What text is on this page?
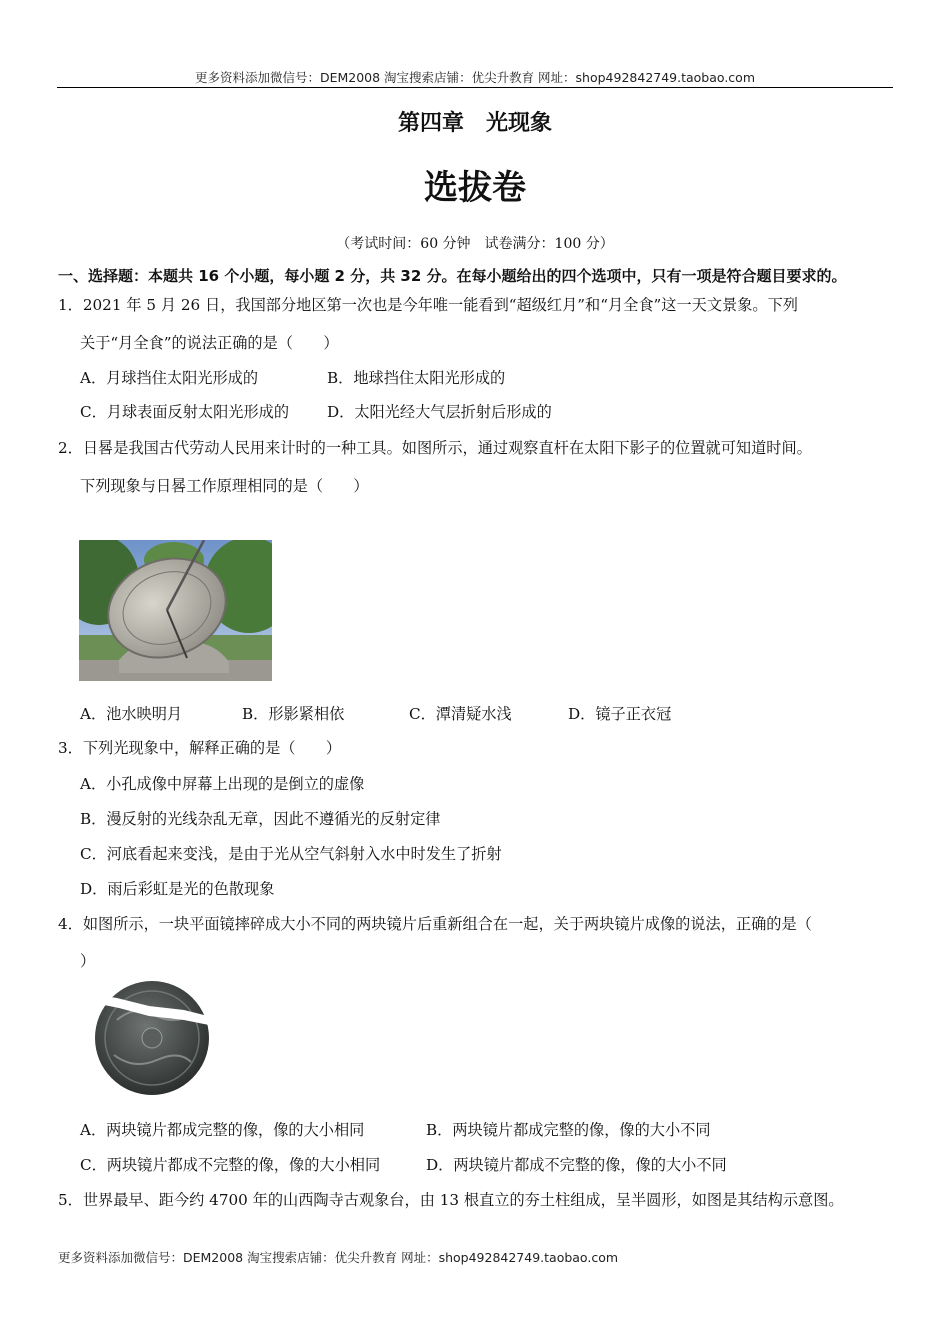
更多资料添加微信号：DEM2008 淘宝搜索店铺：优尖升教育 网址：shop492842749.taobao.com
第四章　光现象
选拔卷
（考试时间：60 分钟　试卷满分：100 分）
一、选择题：本题共 16 个小题，每小题 2 分，共 32 分。在每小题给出的四个选项中，只有一项是符合题目要求的。
1．2021 年 5 月 26 日，我国部分地区第一次也是今年唯一能看到“超级红月”和“月全食”这一天文景象。下列
关于“月全食”的说法正确的是（　　）
A．月球挡住太阳光形成的	B．地球挡住太阳光形成的
C．月球表面反射太阳光形成的 D．太阳光经大气层折射后形成的
2．日晷是我国古代劳动人民用来计时的一种工具。如图所示，通过观察直杆在太阳下影子的位置就可知道时间。
下列现象与日晷工作原理相同的是（　　）
A．池水映明月	B．形影紧相依	C．潭清疑水浅	D．镜子正衣冠
3．下列光现象中，解释正确的是（　　）
A．小孔成像中屏幕上出现的是倒立的虚像
B．漫反射的光线杂乱无章，因此不遵循光的反射定律
C．河底看起来变浅，是由于光从空气斜射入水中时发生了折射
D．雨后彩虹是光的色散现象
4．如图所示，一块平面镜摔碎成大小不同的两块镜片后重新组合在一起，关于两块镜片成像的说法，正确的是（
）
A．两块镜片都成完整的像，像的大小相同	B．两块镜片都成完整的像，像的大小不同
C．两块镜片都成不完整的像，像的大小相同	D．两块镜片都成不完整的像，像的大小不同
5．世界最早、距今约 4700 年的山西陶寺古观象台，由 13 根直立的夯土柱组成，呈半圆形，如图是其结构示意图。
更多资料添加微信号：DEM2008 淘宝搜索店铺：优尖升教育 网址：shop492842749.taobao.com
